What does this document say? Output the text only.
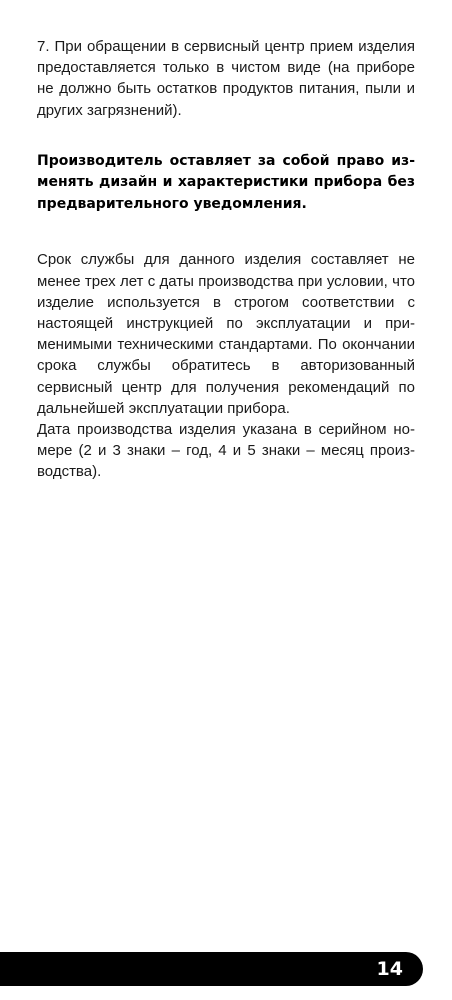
7. При обращении в сервисный центр прием изделия предоставляется только в чистом виде (на приборе не должно быть остатков продуктов питания, пыли и других загрязнений).

Производитель оставляет за собой право изменять дизайн и характеристики прибора без предварительного уведомления.

Срок службы для данного изделия составляет не менее трех лет с даты производства при условии, что изделие используется в строгом соответствии с настоящей инструкцией по эксплуатации и применимыми техническими стандартами. По окончании срока службы обратитесь в авторизованный сервисный центр для получения рекомендаций по дальнейшей эксплуатации прибора.

Дата производства изделия указана в серийном номере (2 и 3 знаки – год, 4 и 5 знаки – месяц производства).

14
